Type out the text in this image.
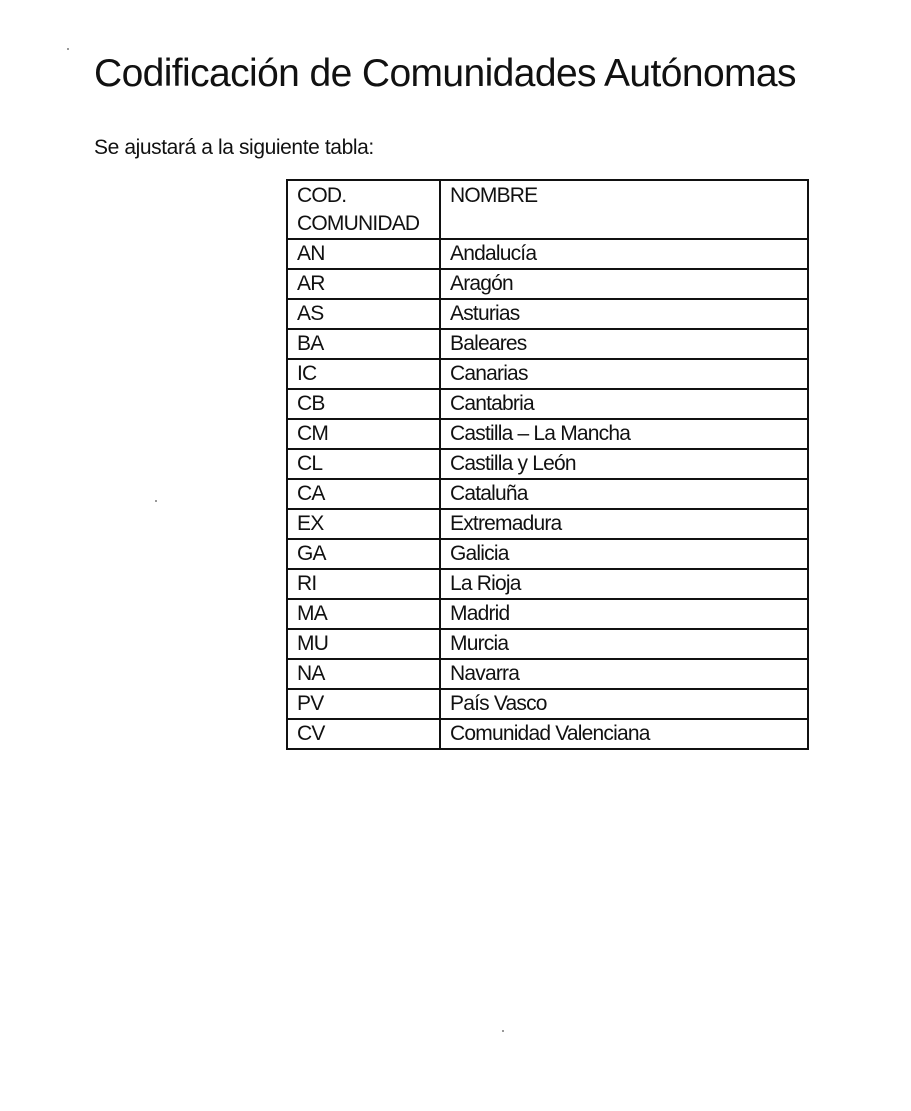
Codificación de Comunidades Autónomas

Se ajustará a la siguiente tabla:

COD. COMUNIDAD	NOMBRE
AN	Andalucía
AR	Aragón
AS	Asturias
BA	Baleares
IC	Canarias
CB	Cantabria
CM	Castilla – La Mancha
CL	Castilla y León
CA	Cataluña
EX	Extremadura
GA	Galicia
RI	La Rioja
MA	Madrid
MU	Murcia
NA	Navarra
PV	País Vasco
CV	Comunidad Valenciana
